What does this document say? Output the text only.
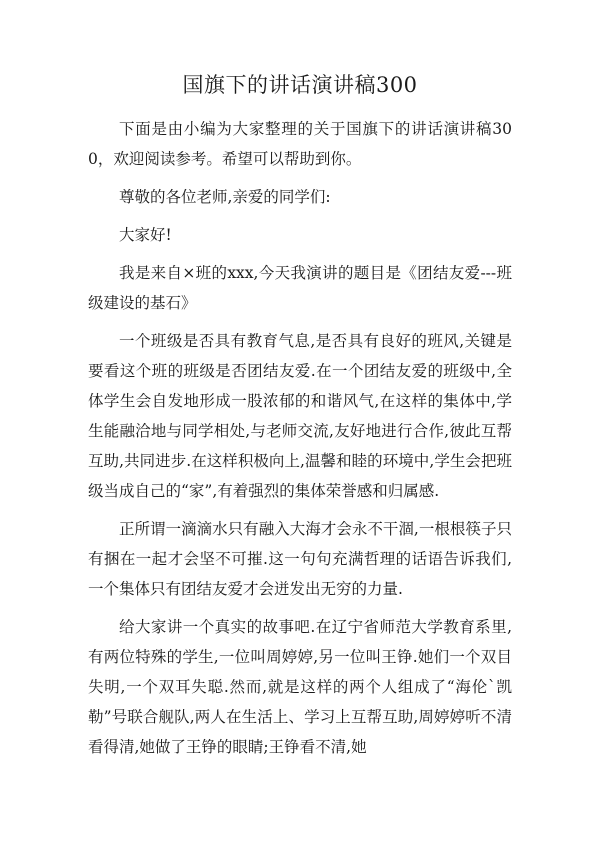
国旗下的讲话演讲稿300

下面是由小编为大家整理的关于国旗下的讲话演讲稿300，欢迎阅读参考。希望可以帮助到你。

尊敬的各位老师,亲爱的同学们:

大家好!

我是来自×班的xxx,今天我演讲的题目是《团结友爱---班级建设的基石》

一个班级是否具有教育气息,是否具有良好的班风,关键是要看这个班的班级是否团结友爱.在一个团结友爱的班级中,全体学生会自发地形成一股浓郁的和谐风气,在这样的集体中,学生能融洽地与同学相处,与老师交流,友好地进行合作,彼此互帮互助,共同进步.在这样积极向上,温馨和睦的环境中,学生会把班级当成自己的“家”,有着强烈的集体荣誉感和归属感.

正所谓一滴滴水只有融入大海才会永不干涸,一根根筷子只有捆在一起才会坚不可摧.这一句句充满哲理的话语告诉我们,一个集体只有团结友爱才会迸发出无穷的力量.

给大家讲一个真实的故事吧.在辽宁省师范大学教育系里,有两位特殊的学生,一位叫周婷婷,另一位叫王铮.她们一个双目失明,一个双耳失聪.然而,就是这样的两个人组成了“海伦`凯勒”号联合舰队,两人在生活上、学习上互帮互助,周婷婷听不清看得清,她做了王铮的眼睛;王铮看不清,她
